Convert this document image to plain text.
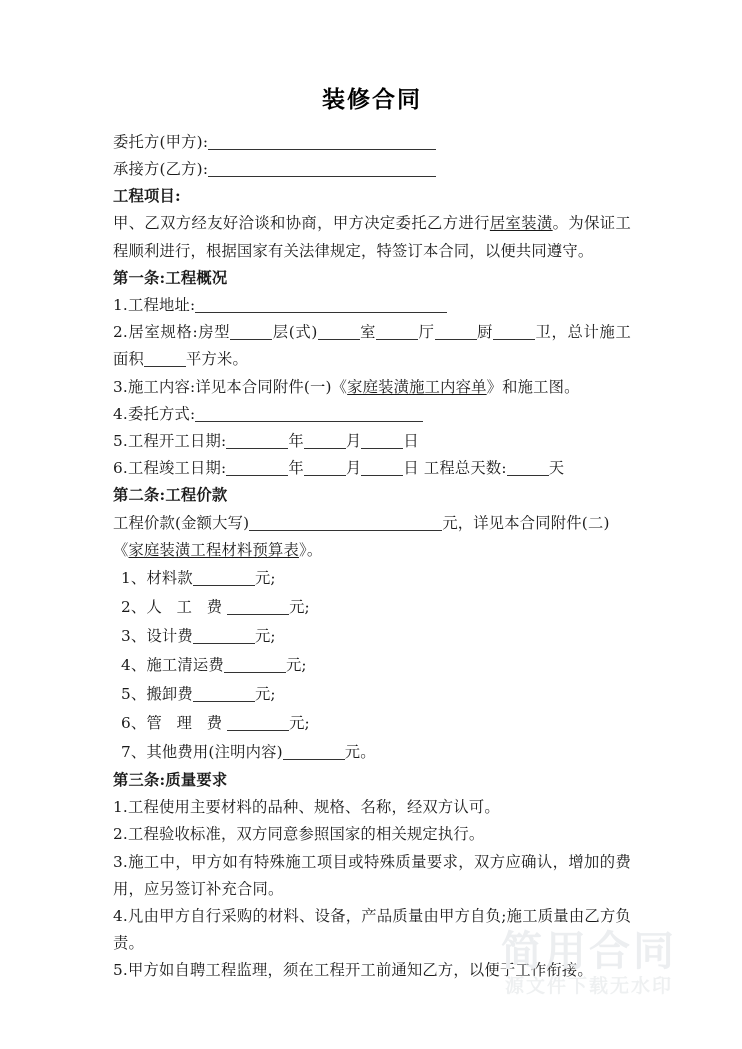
装修合同

委托方(甲方):

承接方(乙方):

工程项目:

甲、乙双方经友好洽谈和协商，甲方决定委托乙方进行居室装潢。为保证工程顺利进行，根据国家有关法律规定，特签订本合同，以便共同遵守。

第一条:工程概况

1.工程地址:

2.居室规格:房型	层(式)	室	厅	厨	卫，总计施工面积	平方米。

3.施工内容:详见本合同附件(一)《家庭装潢施工内容单》和施工图。

4.委托方式:

5.工程开工日期:	年	月	日

6.工程竣工日期:	年	月	日 工程总天数:	天

第二条:工程价款

工程价款(金额大写)	元，详见本合同附件(二)

《家庭装潢工程材料预算表》。

1、材料款	元;

2、人 工 费	元;

3、设计费	元;

4、施工清运费	元;

5、搬卸费	元;

6、管 理 费	元;

7、其他费用(注明内容)	元。

第三条:质量要求

1.工程使用主要材料的品种、规格、名称，经双方认可。

2.工程验收标准，双方同意参照国家的相关规定执行。

3.施工中，甲方如有特殊施工项目或特殊质量要求，双方应确认，增加的费用，应另签订补充合同。

4.凡由甲方自行采购的材料、设备，产品质量由甲方自负;施工质量由乙方负责。

5.甲方如自聘工程监理，须在工程开工前通知乙方，以便于工作衔接。

简用合同
源文件下载无水印
